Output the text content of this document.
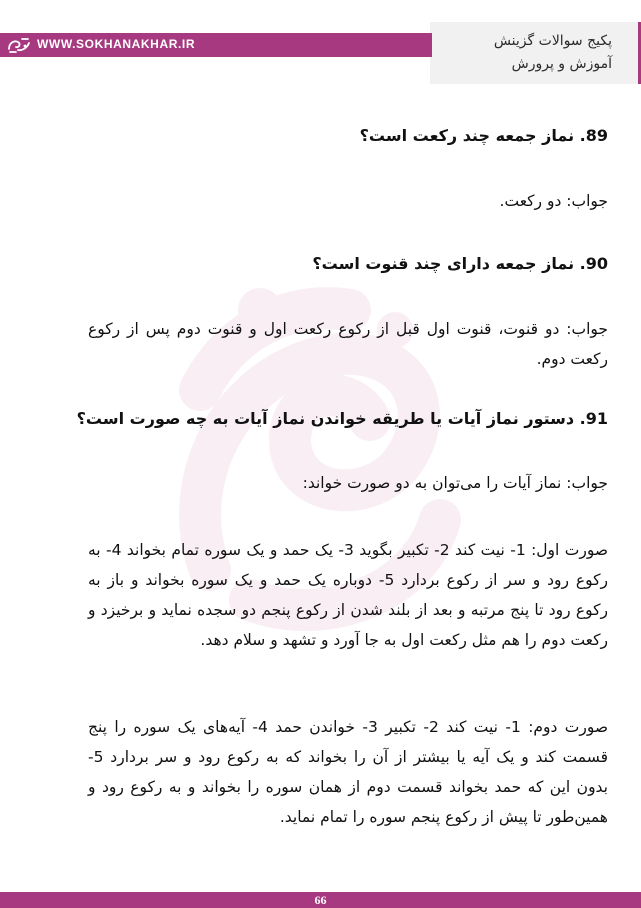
پکیج سوالات گزینش
آموزش و پرورش
WWW.SOKHANAKHAR.IR
89. نماز جمعه چند رکعت است؟
جواب: دو رکعت.
90. نماز جمعه دارای چند قنوت است؟
جواب: دو قنوت، قنوت اول قبل از رکوع رکعت اول و قنوت دوم پس از رکوع رکعت دوم.
91. دستور نماز آیات یا طریقه خواندن نماز آیات به چه صورت است؟
جواب: نماز آیات را می‌توان به دو صورت خواند:
صورت اول: 1- نیت کند 2- تکبیر بگوید 3- یک حمد و یک سوره تمام بخواند 4- به رکوع رود و سر از رکوع بردارد 5- دوباره یک حمد و یک سوره بخواند و باز به رکوع رود تا پنج مرتبه و بعد از بلند شدن از رکوع پنجم دو سجده نماید و برخیزد و رکعت دوم را هم مثل رکعت اول به جا آورد و تشهد و سلام دهد.
صورت دوم: 1- نیت کند 2- تکبیر 3- خواندن حمد 4- آیه‌های یک سوره را پنج قسمت کند و یک آیه یا بیشتر از آن را بخواند که به رکوع رود و سر بردارد 5- بدون این که حمد بخواند قسمت دوم از همان سوره را بخواند و به رکوع رود و همین‌طور تا پیش از رکوع پنجم سوره را تمام نماید.
66
